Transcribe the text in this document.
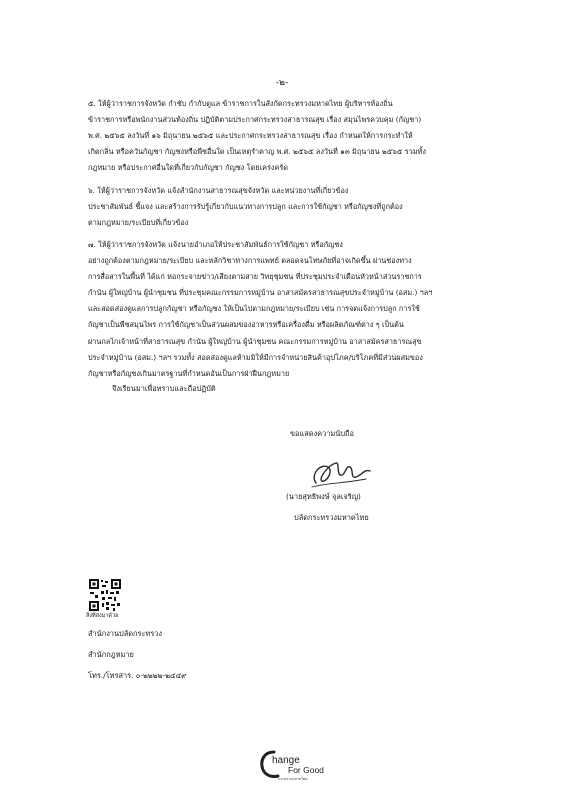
-๒-
๕. ให้ผู้ว่าราชการจังหวัด กำชับ กำกับดูแล ข้าราชการในสังกัดกระทรวงมหาดไทย ผู้บริหารท้องถิ่น
ข้าราชการหรือพนักงานส่วนท้องถิ่น ปฏิบัติตามประกาศกระทรวงสาธารณสุข เรื่อง สมุนไพรควบคุม (กัญชา)
พ.ศ. ๒๕๖๕ ลงวันที่ ๑๖ มิถุนายน ๒๕๖๕ และประกาศกระทรวงสาธารณสุข เรื่อง กำหนดให้การกระทำให้
เกิดกลิ่น หรือควันกัญชา กัญชงหรือพืชอื่นใด เป็นเหตุรำคาญ พ.ศ. ๒๕๖๕ ลงวันที่ ๑๓ มิถุนายน ๒๕๖๕ รวมทั้ง
กฎหมาย หรือประกาศอื่นใดที่เกี่ยวกับกัญชา กัญชง โดยเคร่งครัด
๖. ให้ผู้ว่าราชการจังหวัด แจ้งสำนักงานสาธารณสุขจังหวัด และหน่วยงานที่เกี่ยวข้อง
ประชาสัมพันธ์ ชี้แจง และสร้างการรับรู้เกี่ยวกับแนวทางการปลูก และการใช้กัญชา หรือกัญชงที่ถูกต้อง
ตามกฎหมาย/ระเบียบที่เกี่ยวข้อง
๗. ให้ผู้ว่าราชการจังหวัด แจ้งนายอำเภอให้ประชาสัมพันธ์การใช้กัญชา หรือกัญชง
อย่างถูกต้องตามกฎหมาย/ระเบียบ และหลักวิชาทางการแพทย์ ตลอดจนโทษภัยที่อาจเกิดขึ้น ผ่านช่องทาง
การสื่อสารในพื้นที่ ได้แก่ หอกระจายข่าว/เสียงตามสาย วิทยุชุมชน ที่ประชุมประจำเดือนหัวหน้าส่วนราชการ
กำนัน ผู้ใหญ่บ้าน ผู้นำชุมชน ที่ประชุมคณะกรรมการหมู่บ้าน อาสาสมัครสาธารณสุขประจำหมู่บ้าน (อสม.) ฯลฯ
และสอดส่องดูแลการปลูกกัญชา หรือกัญชง ให้เป็นไปตามกฎหมาย/ระเบียบ เช่น การจดแจ้งการปลูก การใช้
กัญชาเป็นพืชสมุนไพร การใช้กัญชาเป็นส่วนผสมของอาหารหรือเครื่องดื่ม หรือผลิตภัณฑ์ต่าง ๆ เป็นต้น
ผ่านกลไกเจ้าหน้าที่สาธารณสุข กำนัน ผู้ใหญ่บ้าน ผู้นำชุมชน คณะกรรมการหมู่บ้าน อาสาสมัครสาธารณสุข
ประจำหมู่บ้าน (อสม.) ฯลฯ รวมทั้ง สอดส่องดูแลห้ามมิให้มีการจำหน่ายสินค้าอุปโภค/บริโภคที่มีส่วนผสมของ
กัญชาหรือกัญชงเกินมาตรฐานที่กำหนดอันเป็นการฝ่าฝืนกฎหมาย
จึงเรียนมาเพื่อทราบและถือปฏิบัติ
ขอแสดงความนับถือ
(นายสุทธิพงษ์ จุลเจริญ)
ปลัดกระทรวงมหาดไทย
สิ่งที่ส่งมาด้วย
สำนักงานปลัดกระทรวง
สำนักกฎหมาย
โทร./โทรสาร. ๐-๒๒๒๒-๒๔๔๙
hange
For Good
กระทรวงมหาดไทย
